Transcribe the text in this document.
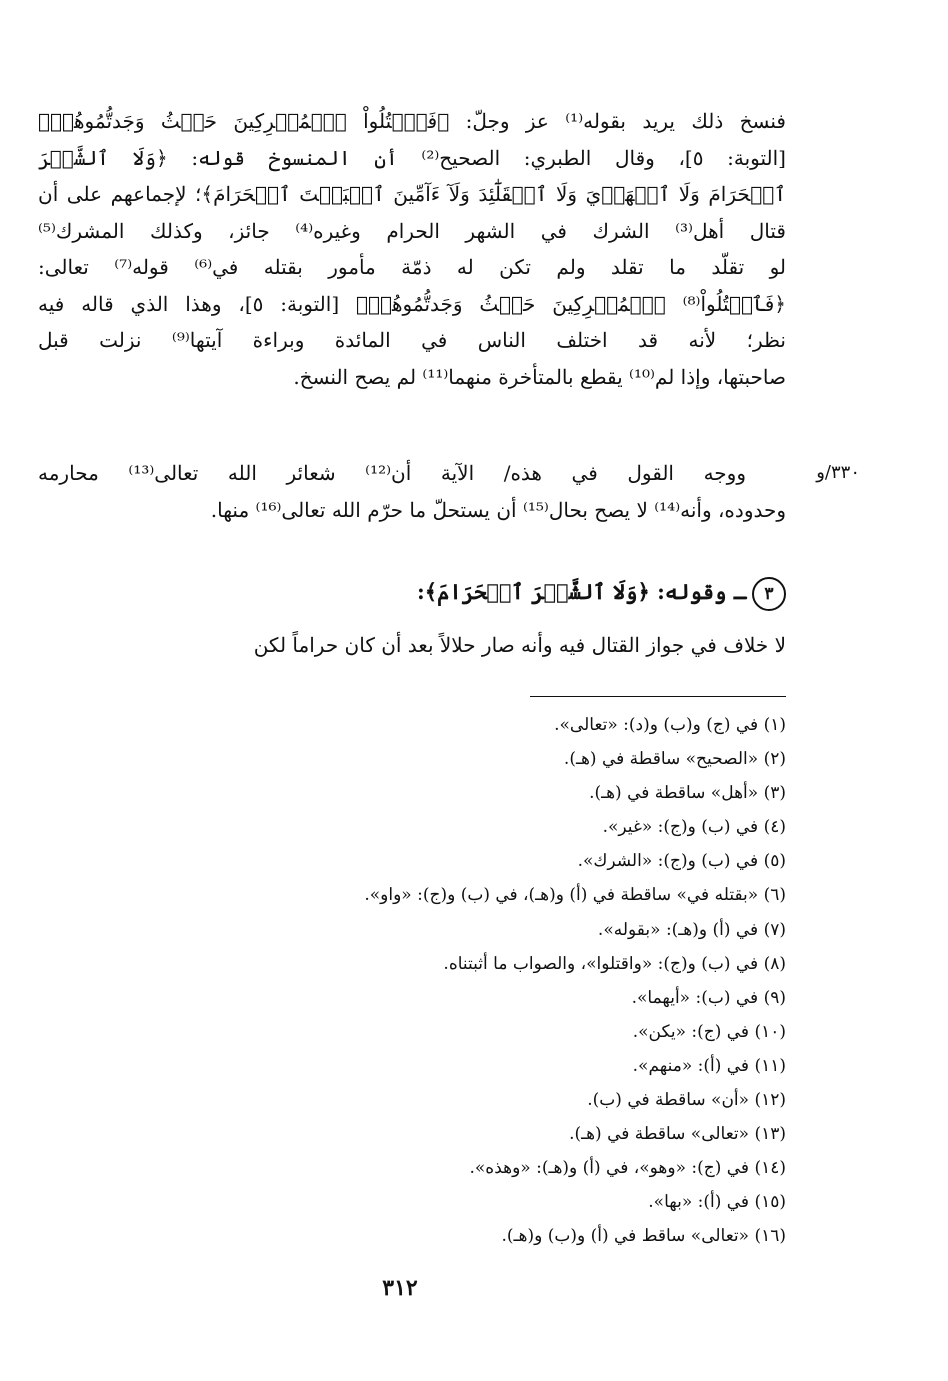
فنسخ ذلك يريد بقوله⁽¹⁾ عز وجلّ: ﴿فَٱقۡتُلُواْ ٱلۡمُشۡرِكِينَ حَيۡثُ وَجَدتُّمُوهُمۡ﴾
[التوبة: ٥]، وقال الطبري: الصحيح⁽²⁾ أن المنسوخ قوله: ﴿وَلَا ٱلشَّهۡرَ
ٱلۡحَرَامَ وَلَا ٱلۡهَدۡيَ وَلَا ٱلۡقَلَٰٓئِدَ وَلَآ ءَآمِّينَ ٱلۡبَيۡتَ ٱلۡحَرَامَ﴾؛ لإجماعهم على أن
قتال أهل⁽³⁾ الشرك في الشهر الحرام وغيره⁽⁴⁾ جائز، وكذلك المشرك⁽⁵⁾
لو تقلّد ما تقلد ولم تكن له ذمّة مأمور بقتله في⁽⁶⁾ قوله⁽⁷⁾ تعالى:
﴿فَٱقۡتُلُواْ⁽⁸⁾ ٱلۡمُشۡرِكِينَ حَيۡثُ وَجَدتُّمُوهُمۡ﴾ [التوبة: ٥]، وهذا الذي قاله فيه
نظر؛ لأنه قد اختلف الناس في المائدة وبراءة آيتها⁽⁹⁾ نزلت قبل
صاحبتها، وإذا لم⁽¹⁰⁾ يقطع بالمتأخرة منهما⁽¹¹⁾ لم يصح النسخ.
٣٣٠/و
ووجه القول في هذه/ الآية أن⁽¹²⁾ شعائر الله تعالى⁽¹³⁾ محارمه
وحدوده، وأنه⁽¹⁴⁾ لا يصح بحال⁽¹⁵⁾ أن يستحلّ ما حرّم الله تعالى⁽¹⁶⁾ منها.
٣ـ وقوله: ﴿وَلَا ٱلشَّهۡرَ ٱلۡحَرَامَ﴾:
لا خلاف في جواز القتال فيه وأنه صار حلالاً بعد أن كان حراماً لكن
(١) في (ج) و(ب) و(د): «تعالى».
(٢) «الصحيح» ساقطة في (هـ).
(٣) «أهل» ساقطة في (هـ).
(٤) في (ب) و(ج): «غير».
(٥) في (ب) و(ج): «الشرك».
(٦) «بقتله في» ساقطة في (أ) و(هـ)، في (ب) و(ج): «واو».
(٧) في (أ) و(هـ): «بقوله».
(٨) في (ب) و(ج): «واقتلوا»، والصواب ما أثبتناه.
(٩) في (ب): «أيهما».
(١٠) في (ج): «يكن».
(١١) في (أ): «منهم».
(١٢) «أن» ساقطة في (ب).
(١٣) «تعالى» ساقطة في (هـ).
(١٤) في (ج): «وهو»، في (أ) و(هـ): «وهذه».
(١٥) في (أ): «بها».
(١٦) «تعالى» ساقط في (أ) و(ب) و(هـ).
٣١٢
